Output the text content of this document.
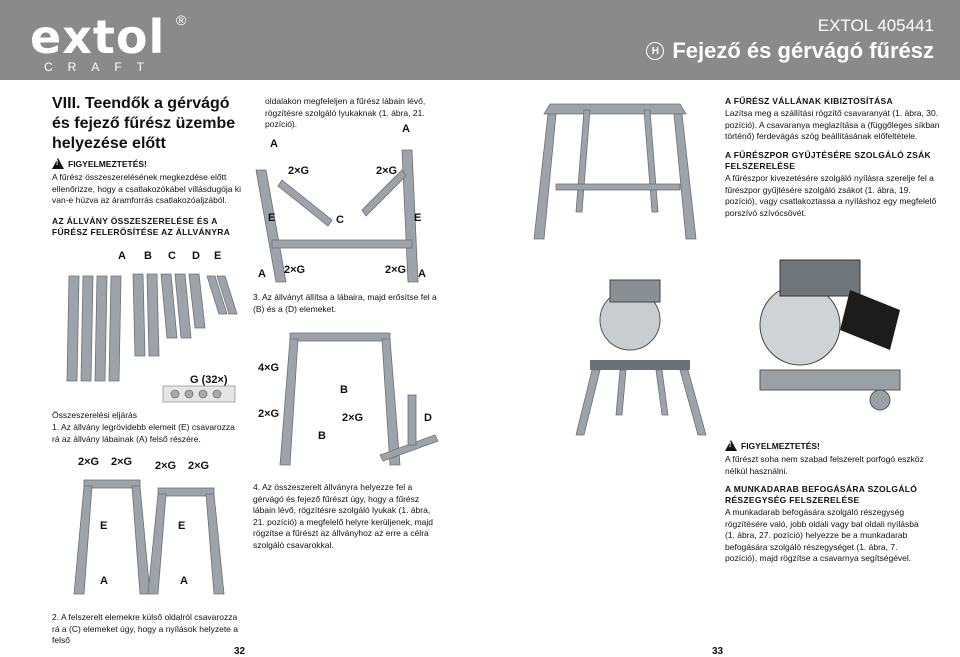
extol ®
CRAFT
EXTOL 405441
H Fejező és gérvágó fűrész
VIII. Teendők a gérvágó és fejező fűrész üzembe helyezése előtt
! FIGYELMEZTETÉS!
A fűrész összeszerelésének megkezdése előtt ellenőrizze, hogy a csatlakozókábel villásdugója ki van-e húzva az áramforrás csatlakozóaljzából.
AZ ÁLLVÁNY ÖSSZESZERELÉSE ÉS A FŰRÉSZ FELERŐSÍTÉSE AZ ÁLLVÁNYRA
A B C D E
G (32×)
Összeszerelési eljárás
1. Az állvány legrövidebb elemeit (E) csavarozza rá az állvány lábainak (A) felső részére.
2×G 2×G 2×G 2×G
E	E
A	A
2. A felszerelt elemekre külső oldalról csavarozza rá a (C) elemeket úgy, hogy a nyílások helyzete a felső
32
oldalakon megfeleljen a fűrész lábain lévő, rögzítésre szolgáló lyukaknak (1. ábra, 21. pozíció).	A
A
2×G	2×G
E	C	E
A 2×G	2×G A
3. Az állványt állítsa a lábaira, majd erősítse fel a (B) és a (D) elemeket.
4×G
B
2×G	2×G
B
D
4. Az összeszerelt állványra helyezze fel a gérvágó és fejező fűrészt úgy, hogy a fűrész lábain lévő, rögzítésre szolgáló lyukak (1. ábra, 21. pozíció) a megfelelő helyre kerüljenek, majd rögzítse a fűrészt az állványhoz az erre a célra szolgáló csavarokkal.
A FŰRÉSZ VÁLLÁNAK KIBIZTOSÍTÁSA
Lazítsa meg a szállítási rögzítő csavaranyát (1. ábra, 30. pozíció). A csavaranya meglazítása a (függőleges síkban történő) ferdevágás szög beállításának előfeltétele.
A FŰRÉSZPOR GYŰJTÉSÉRE SZOLGÁLÓ ZSÁK FELSZERELÉSE
A fűrészpor kivezetésére szolgáló nyílásra szerelje fel a fűrészpor gyűjtésére szolgáló zsákot (1. ábra, 19. pozíció), vagy csatlakoztassa a nyíláshoz egy megfelelő porszívó szívócsövét.
! FIGYELMEZTETÉS!
A fűrészt soha nem szabad felszerelt porfogó eszköz nélkül használni.
A MUNKADARAB BEFOGÁSÁRA SZOLGÁLÓ RÉSZEGYSÉG FELSZERELÉSE
A munkadarab befogására szolgáló részegység rögzítésére való, jobb oldali vagy bal oldali nyílásba (1. ábra, 27. pozíció) helyezze be a munkadarab befogására szolgáló részegységet (1. ábra, 7. pozíció), majd rögzítse a csavarnya segítségével.
33
